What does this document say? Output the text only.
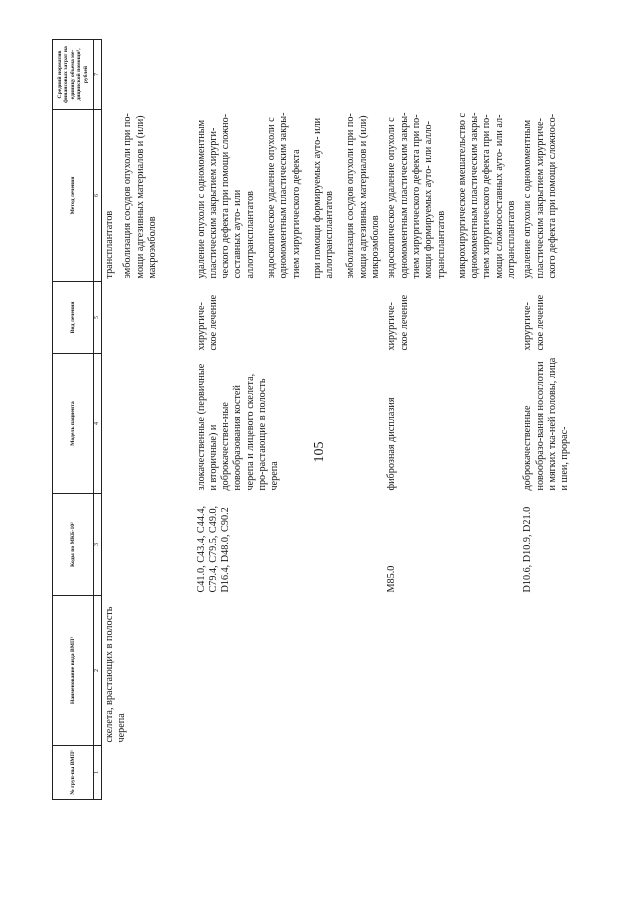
105
№ груп-пы ВМП¹	Наименование вида ВМП¹	Коды по МКБ-10²	Модель пациента	Вид лечения	Метод лечения	Средний норматив финансовых затрат на единицу объема ме-дицинской помощи³, рублей
1	2	3	4	5	6	7
	скелета, врастающих в полость черепа				трансплантатов эмболизация сосудов опухоли при по-мощи адгезивных материалов и (или) макроэмболов	

		C41.0, C43.4, C44.4, C79.4, C79.5, C49.0, D16.4, D48.0, C90.2	злокачественные (первичные и вторичные) и доброкачествен-ные новообразования костей черепа и лицевого скелета, про-растающие в полость черепа	хирургиче-ское лечение	удаление опухоли с одномоментным пластическим закрытием хирурги-ческого дефекта при помощи сложно-составных ауто- или аллотрансплантатов эндоскопическое удаление опухоли с одномоментным пластическим закры-тием хирургического дефекта при помощи формируемых ауто- или аллотрансплантатов эмболизация сосудов опухоли при по-мощи адгезивных материалов и (или) микроэмболов	

		M85.0	фиброзная дисплазия	хирургиче-ское лечение	эндоскопическое удаление опухоли с одномоментным пластическим закры-тием хирургического дефекта при по-мощи формируемых ауто- или алло-трансплантатов микрохирургическое вмешательство с одномоментным пластическим закры-тием хирургического дефекта при по-мощи сложносоставных ауто- или ал-лотрансплантатов	

		D10.6, D10.9, D21.0	доброкачественные новообразо-вания носоглотки и мягких тка-ней головы, лица и шеи, прорас-	хирургиче-ское лечение	удаление опухоли с одномоментным пластическим закрытием хирургиче-ского дефекта при помощи сложносо-	
